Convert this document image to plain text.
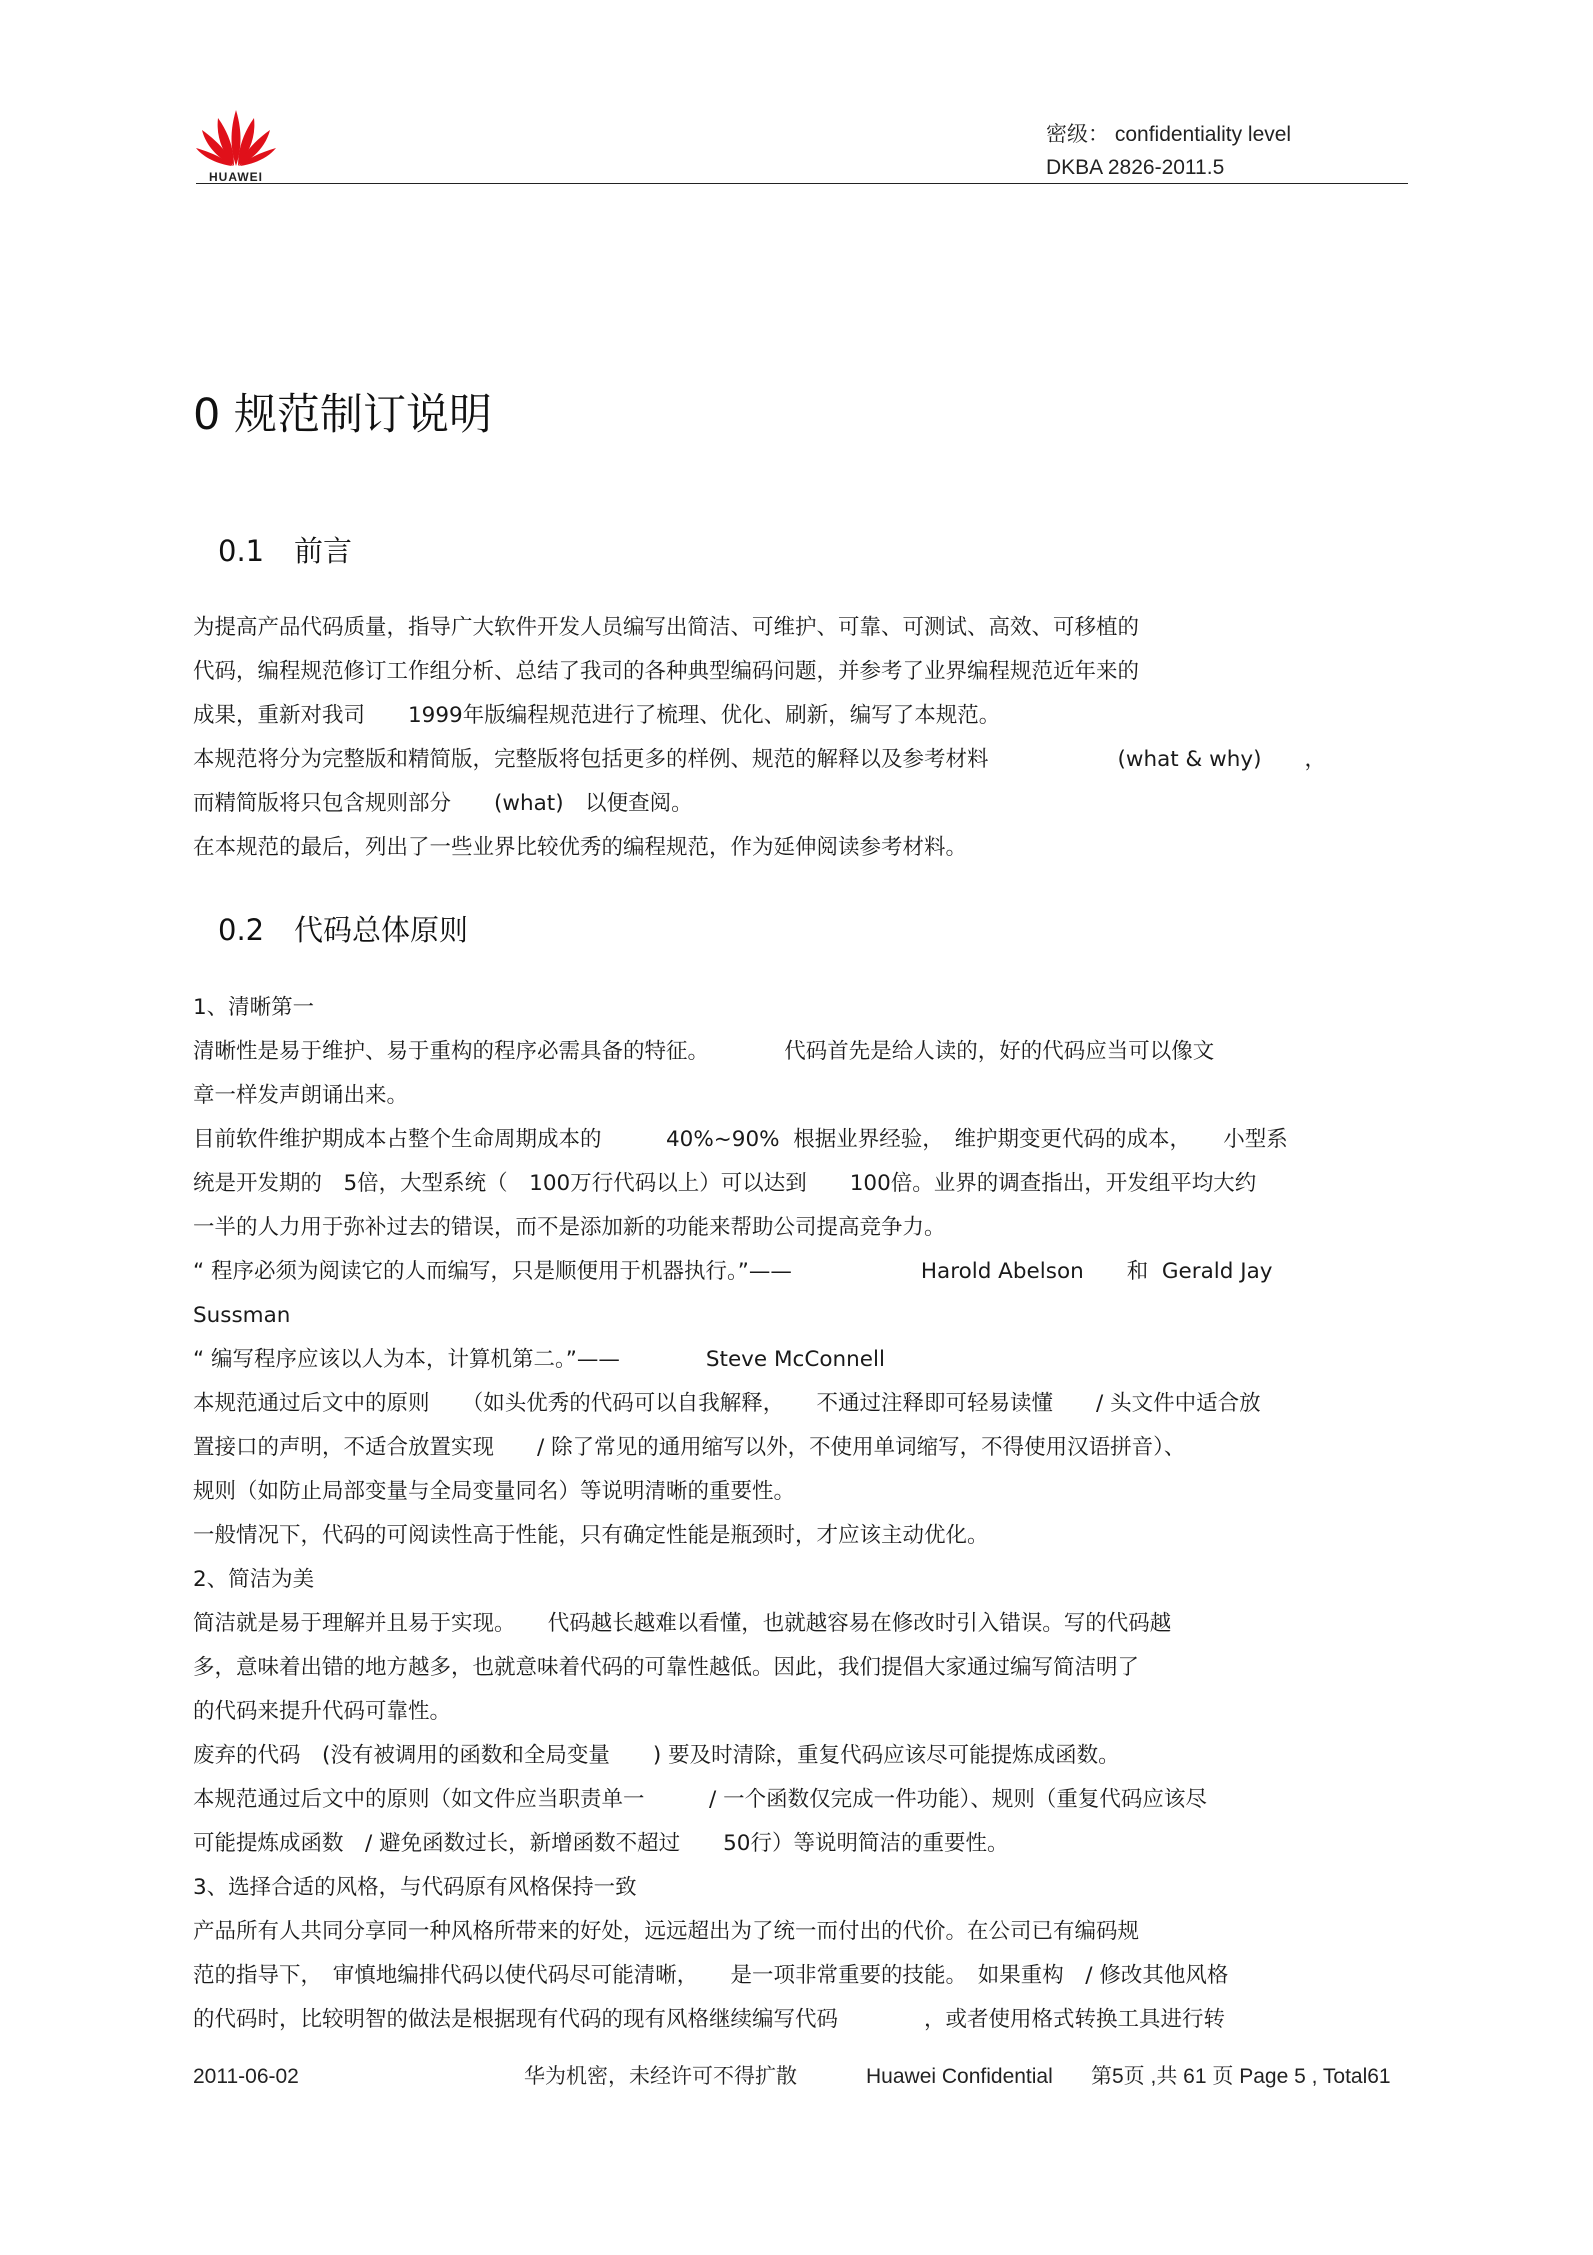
HUAWEI
密级： confidentiality level
DKBA 2826-2011.5
0 规范制订说明
0.1 前言
为提高产品代码质量，指导广大软件开发人员编写出简洁、可维护、可靠、可测试、高效、可移植的
代码，编程规范修订工作组分析、总结了我司的各种典型编码问题，并参考了业界编程规范近年来的
成果，重新对我司　　1999年版编程规范进行了梳理、优化、刷新，编写了本规范。
本规范将分为完整版和精简版，完整版将包括更多的样例、规范的解释以及参考材料　　　　　　(what & why)　　，
而精简版将只包含规则部分　　(what)　以便查阅。
在本规范的最后，列出了一些业界比较优秀的编程规范，作为延伸阅读参考材料。
0.2 代码总体原则
1、清晰第一
清晰性是易于维护、易于重构的程序必需具备的特征。　　　　代码首先是给人读的，好的代码应当可以像文
章一样发声朗诵出来。
目前软件维护期成本占整个生命周期成本的　　　40%~90%  根据业界经验，　维护期变更代码的成本，　　小型系
统是开发期的　5倍，大型系统（　100万行代码以上）可以达到　　100倍。业界的调查指出，开发组平均大约
一半的人力用于弥补过去的错误，而不是添加新的功能来帮助公司提高竞争力。
“ 程序必须为阅读它的人而编写，只是顺便用于机器执行。”——　　　　　　Harold Abelson　　和  Gerald Jay
Sussman
“ 编写程序应该以人为本，计算机第二。”——　　　　Steve McConnell
本规范通过后文中的原则　　（如头优秀的代码可以自我解释，　　不通过注释即可轻易读懂　　/ 头文件中适合放
置接口的声明，不适合放置实现　　/ 除了常见的通用缩写以外，不使用单词缩写，不得使用汉语拼音）、
规则（如防止局部变量与全局变量同名）等说明清晰的重要性。
一般情况下，代码的可阅读性高于性能，只有确定性能是瓶颈时，才应该主动优化。
2、简洁为美
简洁就是易于理解并且易于实现。　　代码越长越难以看懂，也就越容易在修改时引入错误。写的代码越
多，意味着出错的地方越多，也就意味着代码的可靠性越低。因此，我们提倡大家通过编写简洁明了
的代码来提升代码可靠性。
废弃的代码　(没有被调用的函数和全局变量　　) 要及时清除，重复代码应该尽可能提炼成函数。
本规范通过后文中的原则（如文件应当职责单一　　　/ 一个函数仅完成一件功能）、规则（重复代码应该尽
可能提炼成函数　/ 避免函数过长，新增函数不超过　　50行）等说明简洁的重要性。
3、选择合适的风格，与代码原有风格保持一致
产品所有人共同分享同一种风格所带来的好处，远远超出为了统一而付出的代价。在公司已有编码规
范的指导下，　审慎地编排代码以使代码尽可能清晰，　　是一项非常重要的技能。　如果重构　/ 修改其他风格
的代码时，比较明智的做法是根据现有代码的现有风格继续编写代码　　　　，或者使用格式转换工具进行转
2011-06-02	华为机密，未经许可不得扩散	Huawei Confidential 第5页 ,共 61 页 Page 5 , Total61
